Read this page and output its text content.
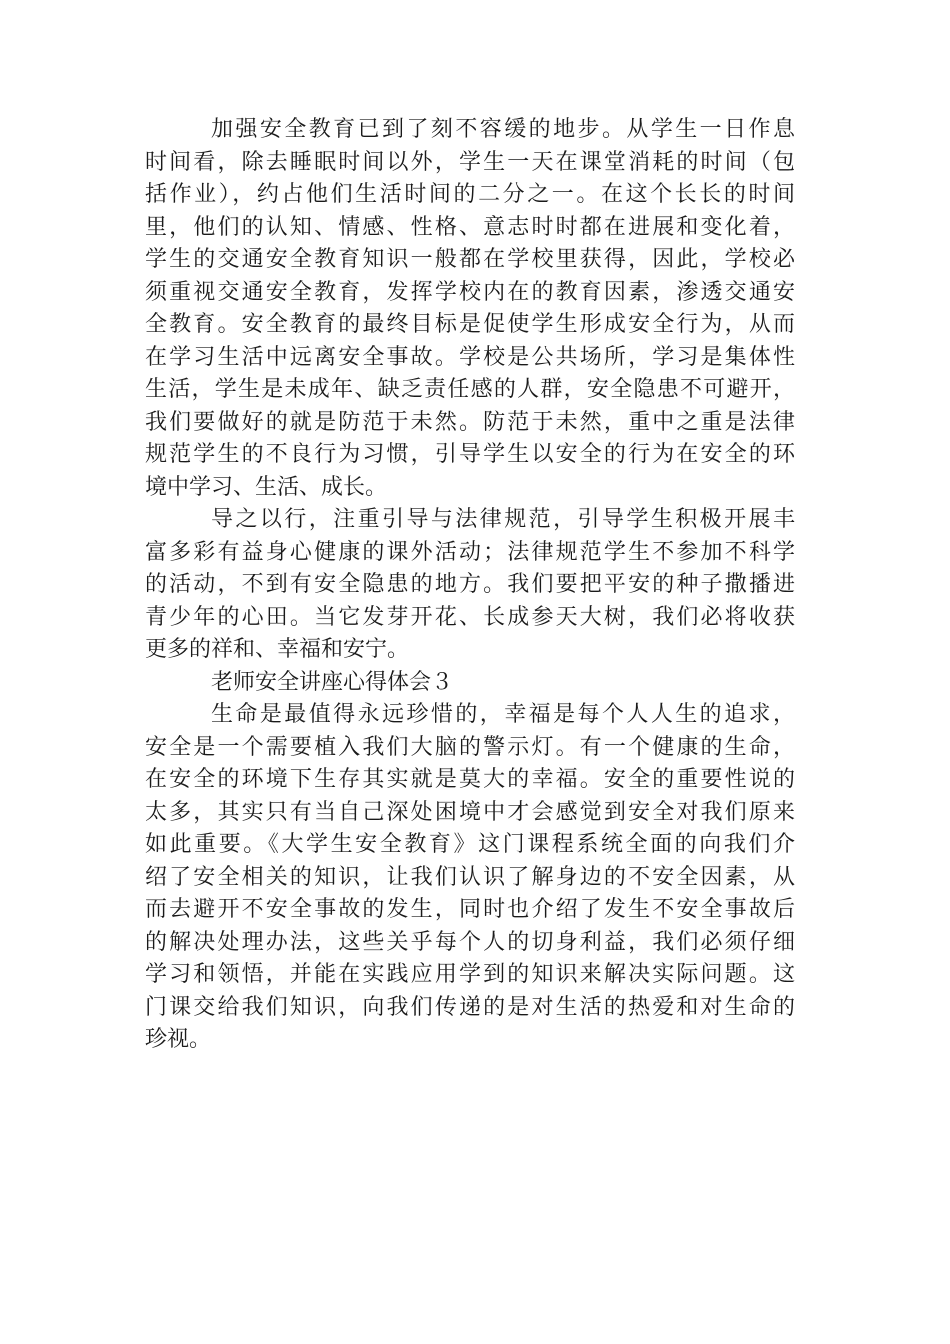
加强安全教育已到了刻不容缓的地步。从学生一日作息
时间看，除去睡眠时间以外，学生一天在课堂消耗的时间（包
括作业），约占他们生活时间的二分之一。在这个长长的时间
里，他们的认知、情感、性格、意志时时都在进展和变化着，
学生的交通安全教育知识一般都在学校里获得，因此，学校必
须重视交通安全教育，发挥学校内在的教育因素，渗透交通安
全教育。安全教育的最终目标是促使学生形成安全行为，从而
在学习生活中远离安全事故。学校是公共场所，学习是集体性
生活，学生是未成年、缺乏责任感的人群，安全隐患不可避开，
我们要做好的就是防范于未然。防范于未然，重中之重是法律
规范学生的不良行为习惯，引导学生以安全的行为在安全的环
境中学习、生活、成长。
导之以行，注重引导与法律规范，引导学生积极开展丰
富多彩有益身心健康的课外活动；法律规范学生不参加不科学
的活动，不到有安全隐患的地方。我们要把平安的种子撒播进
青少年的心田。当它发芽开花、长成参天大树，我们必将收获
更多的祥和、幸福和安宁。
老师安全讲座心得体会３
生命是最值得永远珍惜的，幸福是每个人人生的追求，
安全是一个需要植入我们大脑的警示灯。有一个健康的生命，
在安全的环境下生存其实就是莫大的幸福。安全的重要性说的
太多，其实只有当自己深处困境中才会感觉到安全对我们原来
如此重要。《大学生安全教育》这门课程系统全面的向我们介
绍了安全相关的知识，让我们认识了解身边的不安全因素，从
而去避开不安全事故的发生，同时也介绍了发生不安全事故后
的解决处理办法，这些关乎每个人的切身利益，我们必须仔细
学习和领悟，并能在实践应用学到的知识来解决实际问题。这
门课交给我们知识，向我们传递的是对生活的热爱和对生命的
珍视。
